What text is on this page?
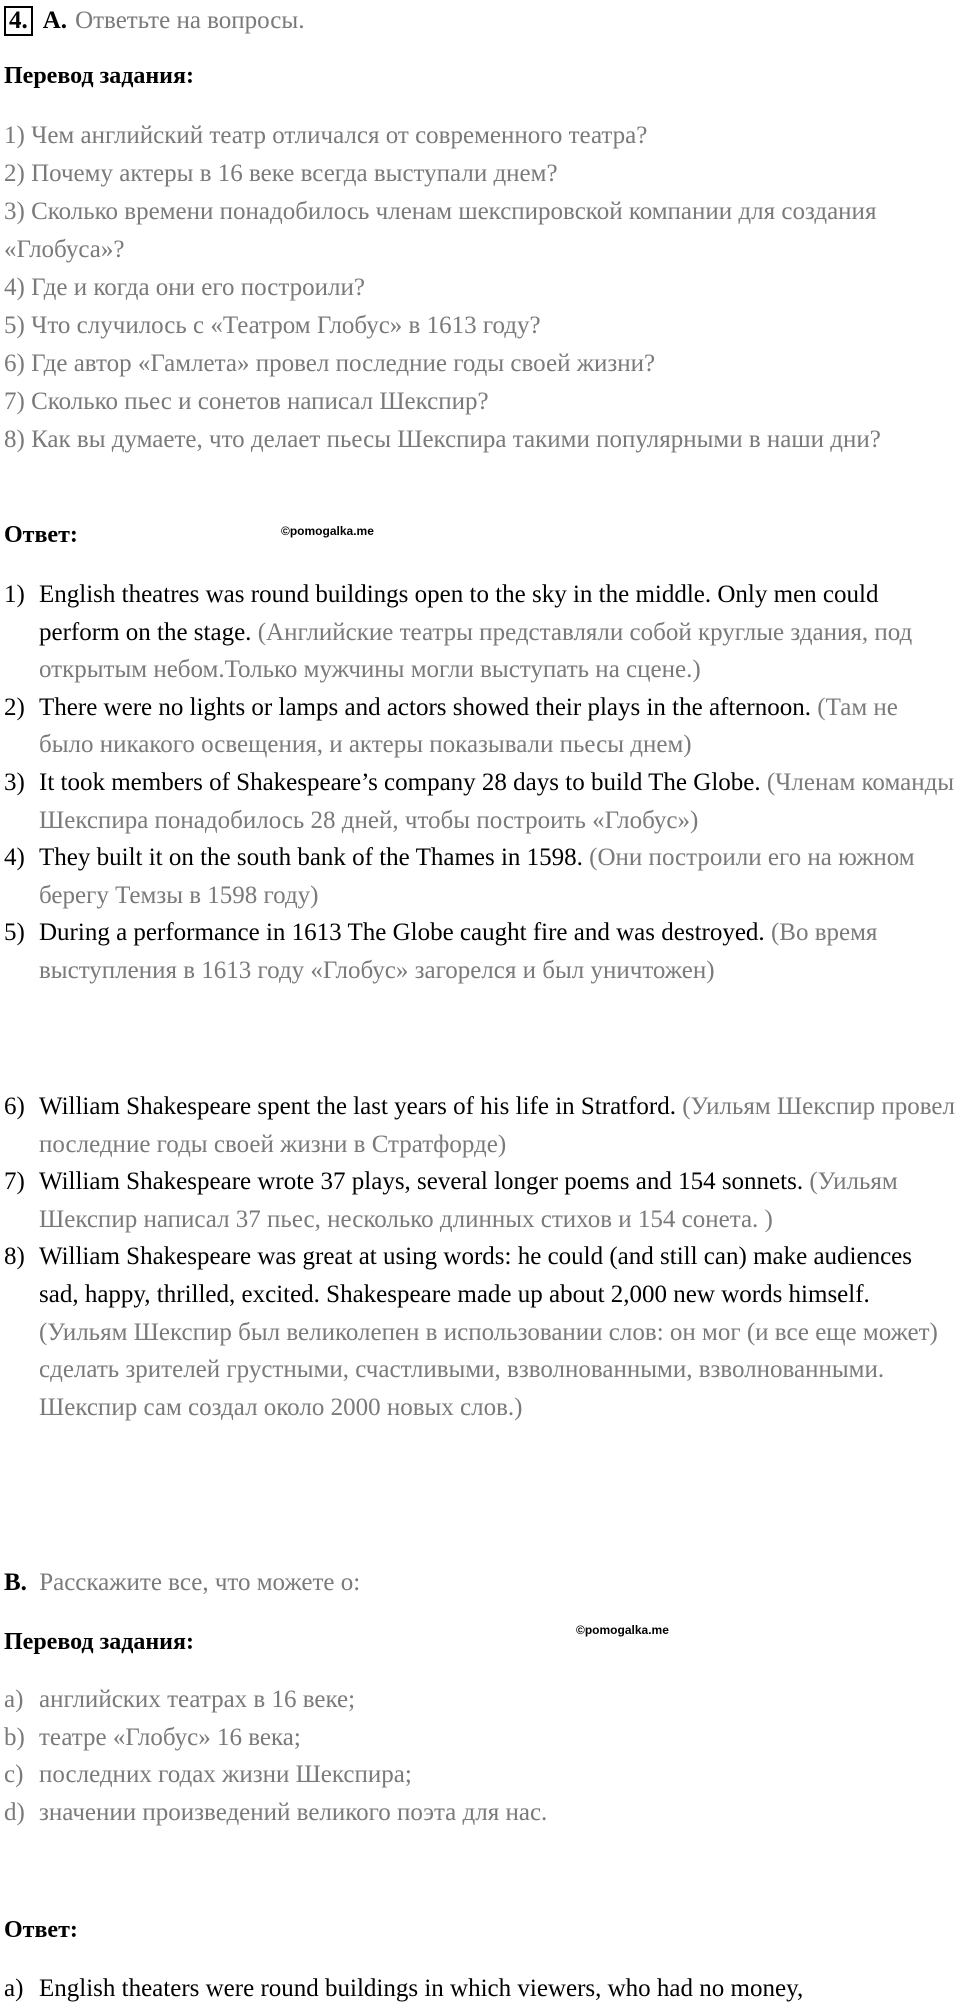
4. A. Ответьте на вопросы.
Перевод задания:
1) Чем английский театр отличался от современного театра?
2) Почему актеры в 16 веке всегда выступали днем?
3) Сколько времени понадобилось членам шекспировской компании для создания «Глобуса»?
4) Где и когда они его построили?
5) Что случилось с «Театром Глобус» в 1613 году?
6) Где автор «Гамлета» провел последние годы своей жизни?
7) Сколько пьес и сонетов написал Шекспир?
8) Как вы думаете, что делает пьесы Шекспира такими популярными в наши дни?
Ответ:	©pomogalka.me
1) English theatres was round buildings open to the sky in the middle. Only men could perform on the stage. (Английские театры представляли собой круглые здания, под открытым небом.Только мужчины могли выступать на сцене.)
2) There were no lights or lamps and actors showed their plays in the afternoon. (Там не было никакого освещения, и актеры показывали пьесы днем)
3) It took members of Shakespeare’s company 28 days to build The Globe. (Членам команды Шекспира понадобилось 28 дней, чтобы построить «Глобус»)
4) They built it on the south bank of the Thames in 1598. (Они построили его на южном берегу Темзы в 1598 году)
5) During a performance in 1613 The Globe caught fire and was destroyed. (Во время выступления в 1613 году «Глобус» загорелся и был уничтожен)
6) William Shakespeare spent the last years of his life in Stratford. (Уильям Шекспир провел последние годы своей жизни в Стратфорде)
7) William Shakespeare wrote 37 plays, several longer poems and 154 sonnets. (Уильям Шекспир написал 37 пьес, несколько длинных стихов и 154 сонета. )
8) William Shakespeare was great at using words: he could (and still can) make audiences sad, happy, thrilled, excited. Shakespeare made up about 2,000 new words himself. (Уильям Шекспир был великолепен в использовании слов: он мог (и все еще может) сделать зрителей грустными, счастливыми, взволнованными, взволнованными. Шекспир сам создал около 2000 новых слов.)
B. Расскажите все, что можете о:
Перевод задания:	©pomogalka.me
a) английских театрах в 16 веке;
b) театре «Глобус» 16 века;
c) последних годах жизни Шекспира;
d) значении произведений великого поэта для нас.
Ответ:
a) English theaters were round buildings in which viewers, who had no money,
